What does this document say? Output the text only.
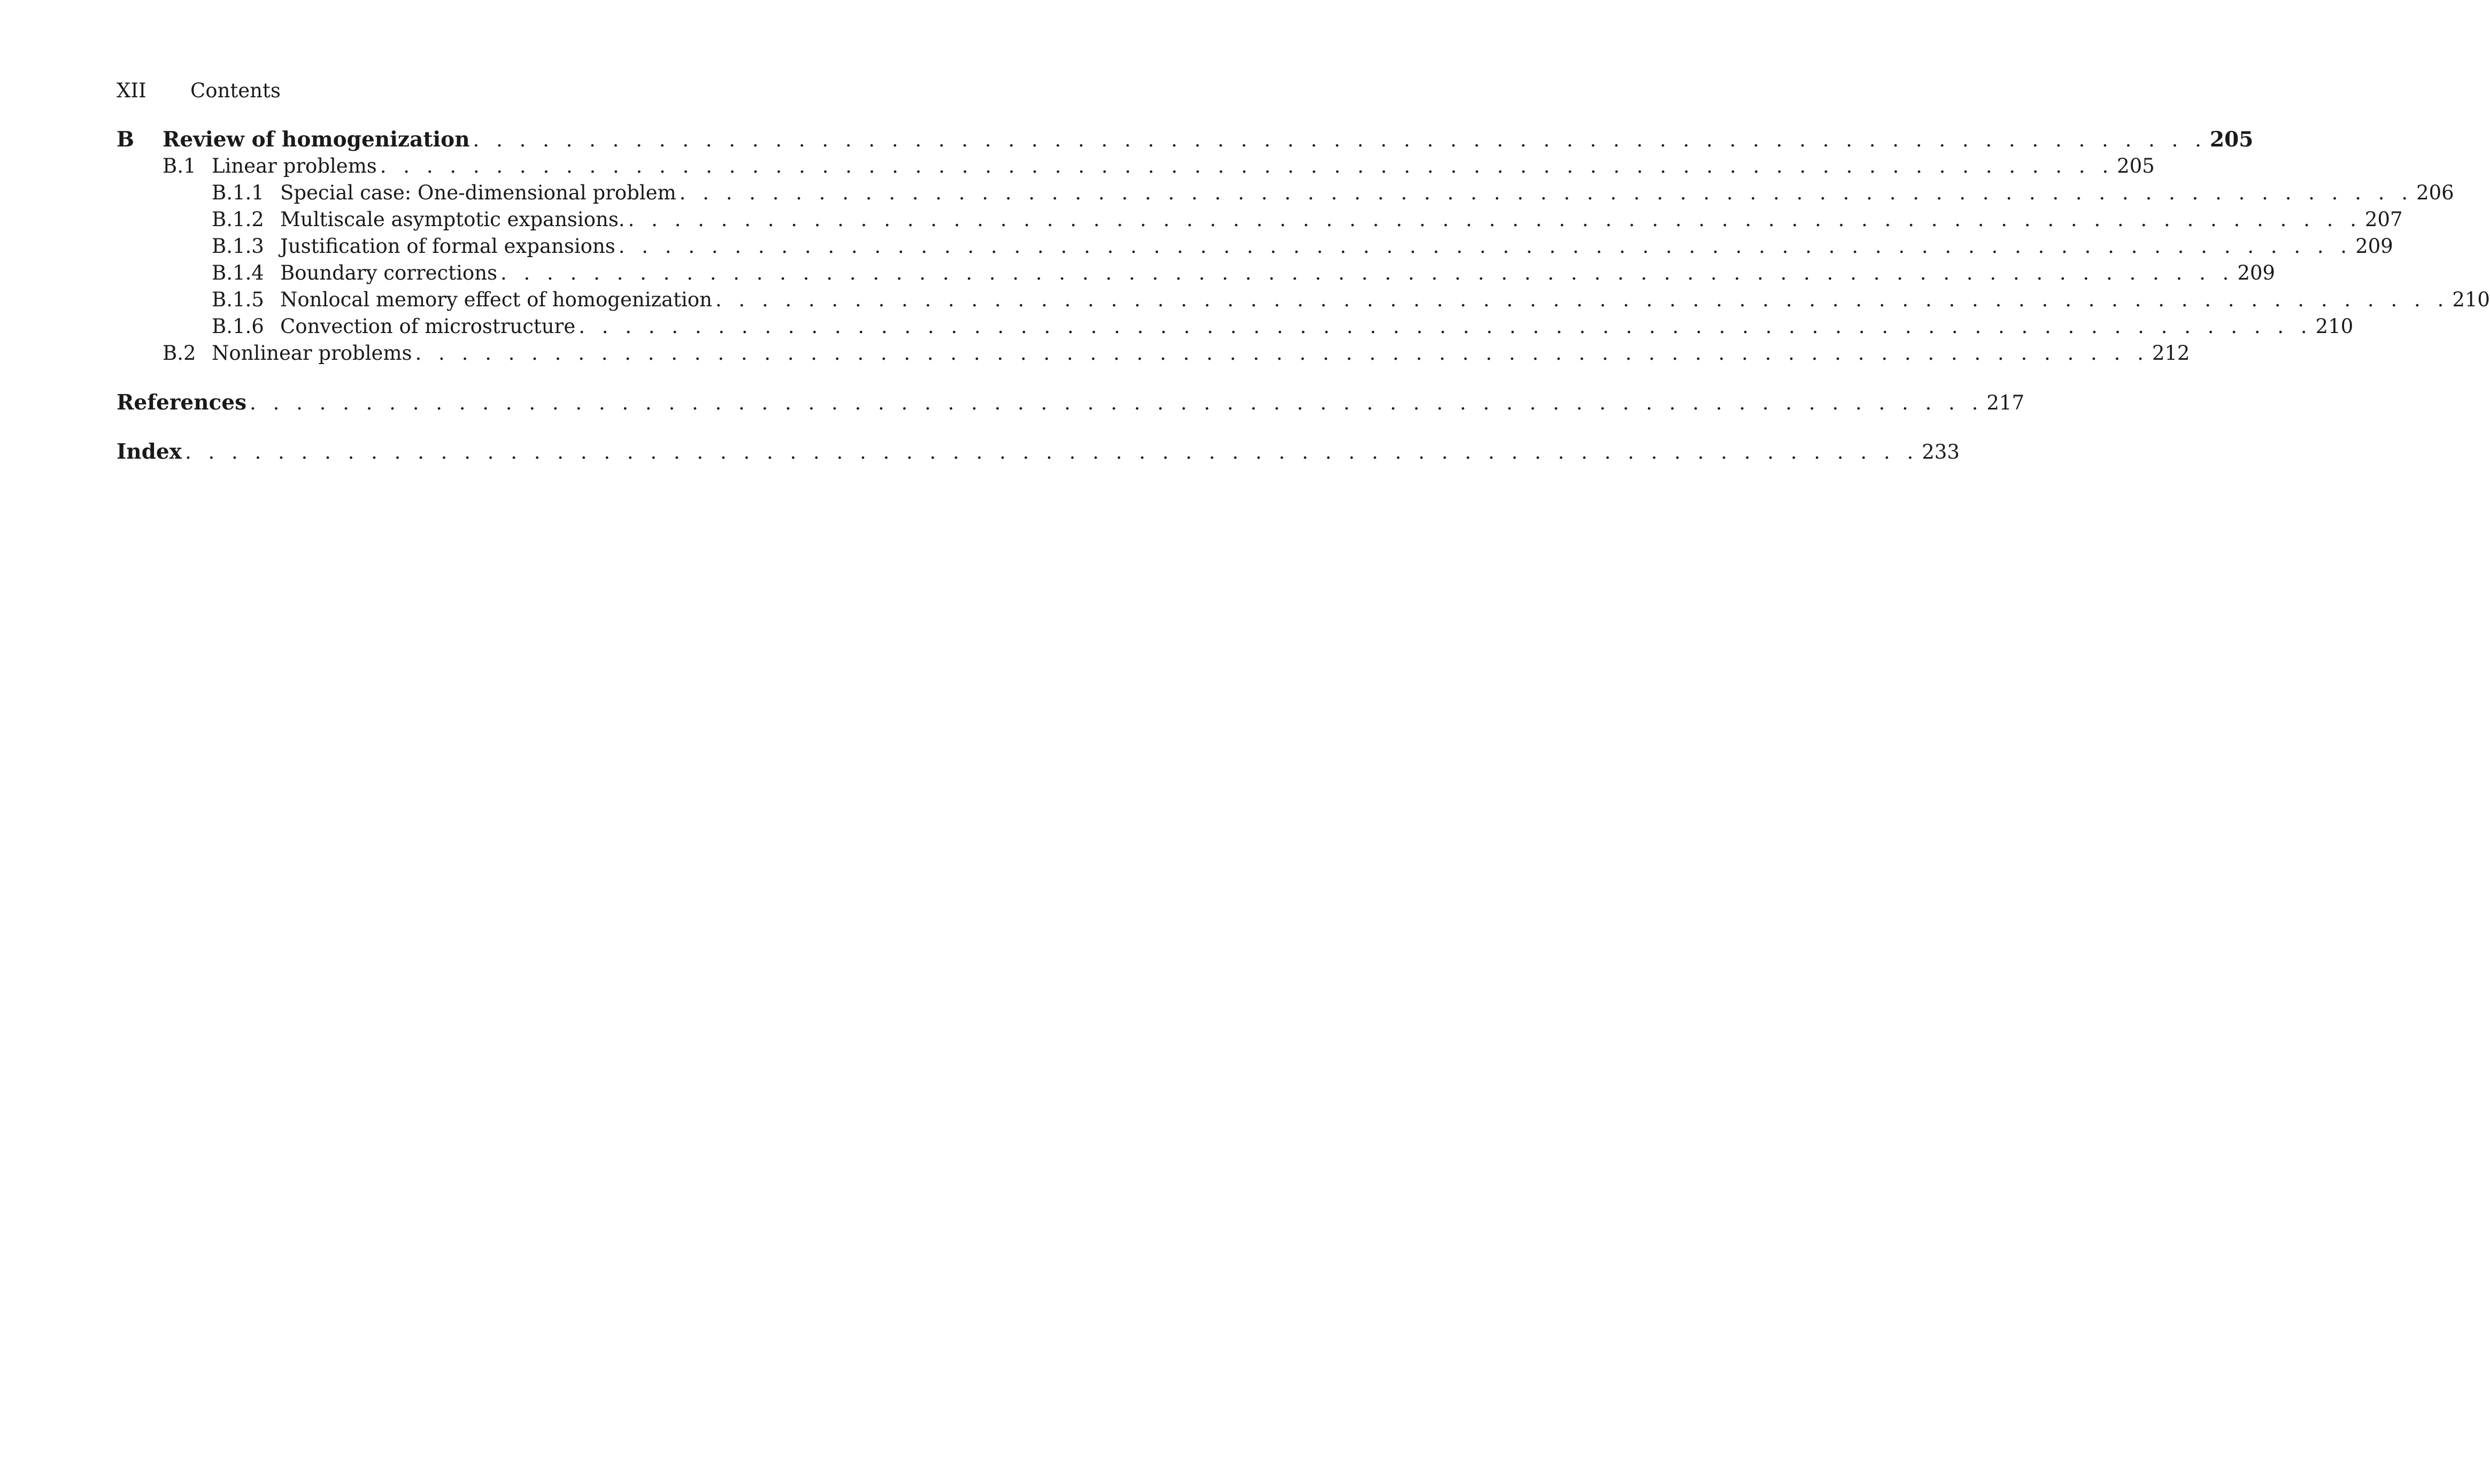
XII Contents
B	Review of homogenization . . . . . . . . . . . . . . . . . . . . . . . . . . . . . . . . . . . . . . . . . . . . . . . . . . . . . . . . . . . . . . . . . . . . . . . . . . . 205
B.1 Linear problems . . . . . . . . . . . . . . . . . . . . . . . . . . . . . . . . . . . . . . . . . . . . . . . . . . . . . . . . . . . . . . . . . . . . . . . . . . . 205
B.1.1 Special case: One-dimensional problem . . . . . . . . . . . . . . . . . . . . . . . . . . . . . . . . . . . . . . . . . . . . . . . . . . . . . . . . . . . . . . . . . . . . . . . . . . . 206
B.1.2 Multiscale asymptotic expansions. . . . . . . . . . . . . . . . . . . . . . . . . . . . . . . . . . . . . . . . . . . . . . . . . . . . . . . . . . . . . . . . . . . . . . . . . . . . 207
B.1.3 Justification of formal expansions . . . . . . . . . . . . . . . . . . . . . . . . . . . . . . . . . . . . . . . . . . . . . . . . . . . . . . . . . . . . . . . . . . . . . . . . . . . 209
B.1.4 Boundary corrections . . . . . . . . . . . . . . . . . . . . . . . . . . . . . . . . . . . . . . . . . . . . . . . . . . . . . . . . . . . . . . . . . . . . . . . . . . . 209
B.1.5 Nonlocal memory effect of homogenization . . . . . . . . . . . . . . . . . . . . . . . . . . . . . . . . . . . . . . . . . . . . . . . . . . . . . . . . . . . . . . . . . . . . . . . . . . . 210
B.1.6 Convection of microstructure . . . . . . . . . . . . . . . . . . . . . . . . . . . . . . . . . . . . . . . . . . . . . . . . . . . . . . . . . . . . . . . . . . . . . . . . . . . 210
B.2 Nonlinear problems . . . . . . . . . . . . . . . . . . . . . . . . . . . . . . . . . . . . . . . . . . . . . . . . . . . . . . . . . . . . . . . . . . . . . . . . . . . 212
References . . . . . . . . . . . . . . . . . . . . . . . . . . . . . . . . . . . . . . . . . . . . . . . . . . . . . . . . . . . . . . . . . . . . . . . . . . . 217
Index . . . . . . . . . . . . . . . . . . . . . . . . . . . . . . . . . . . . . . . . . . . . . . . . . . . . . . . . . . . . . . . . . . . . . . . . . . . 233
